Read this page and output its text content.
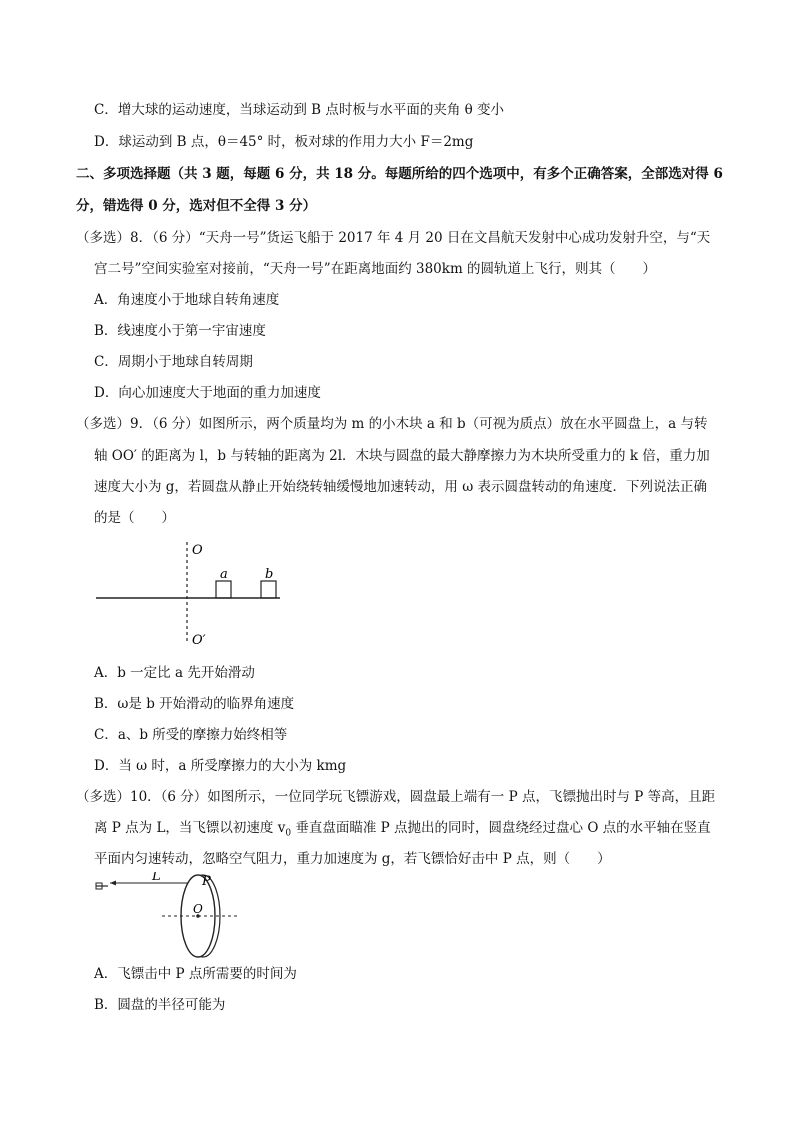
C．增大球的运动速度，当球运动到 B 点时板与水平面的夹角 θ 变小
D．球运动到 B 点，θ＝45° 时，板对球的作用力大小 F＝2mg
二、多项选择题（共 3 题，每题 6 分，共 18 分。每题所给的四个选项中，有多个正确答案，全部选对得 6
分，错选得 0 分，选对但不全得 3 分）
（多选）8．（6 分）“天舟一号”货运飞船于 2017 年 4 月 20 日在文昌航天发射中心成功发射升空，与“天
宫二号”空间实验室对接前，“天舟一号”在距离地面约 380km 的圆轨道上飞行，则其（　　）
A．角速度小于地球自转角速度
B．线速度小于第一宇宙速度
C．周期小于地球自转周期
D．向心加速度大于地面的重力加速度
（多选）9．（6 分）如图所示，两个质量均为 m 的小木块 a 和 b（可视为质点）放在水平圆盘上，a 与转
轴 OO′ 的距离为 l，b 与转轴的距离为 2l．木块与圆盘的最大静摩擦力为木块所受重力的 k 倍，重力加
速度大小为 g，若圆盘从静止开始绕转轴缓慢地加速转动，用 ω 表示圆盘转动的角速度．下列说法正确
的是（　　）
O
O′
a	b
A．b 一定比 a 先开始滑动
B．ω是 b 开始滑动的临界角速度
C．a、b 所受的摩擦力始终相等
D．当 ω 时，a 所受摩擦力的大小为 kmg
（多选）10．（6 分）如图所示，一位同学玩飞镖游戏，圆盘最上端有一 P 点，飞镖抛出时与 P 等高，且距
离 P 点为 L，当飞镖以初速度 $v_0$ 垂直盘面瞄准 P 点抛出的同时，圆盘绕经过盘心 O 点的水平轴在竖直
平面内匀速转动，忽略空气阻力，重力加速度为 g，若飞镖恰好击中 P 点，则（　　）
L	P
O
A．飞镖击中 P 点所需要的时间为
B．圆盘的半径可能为
